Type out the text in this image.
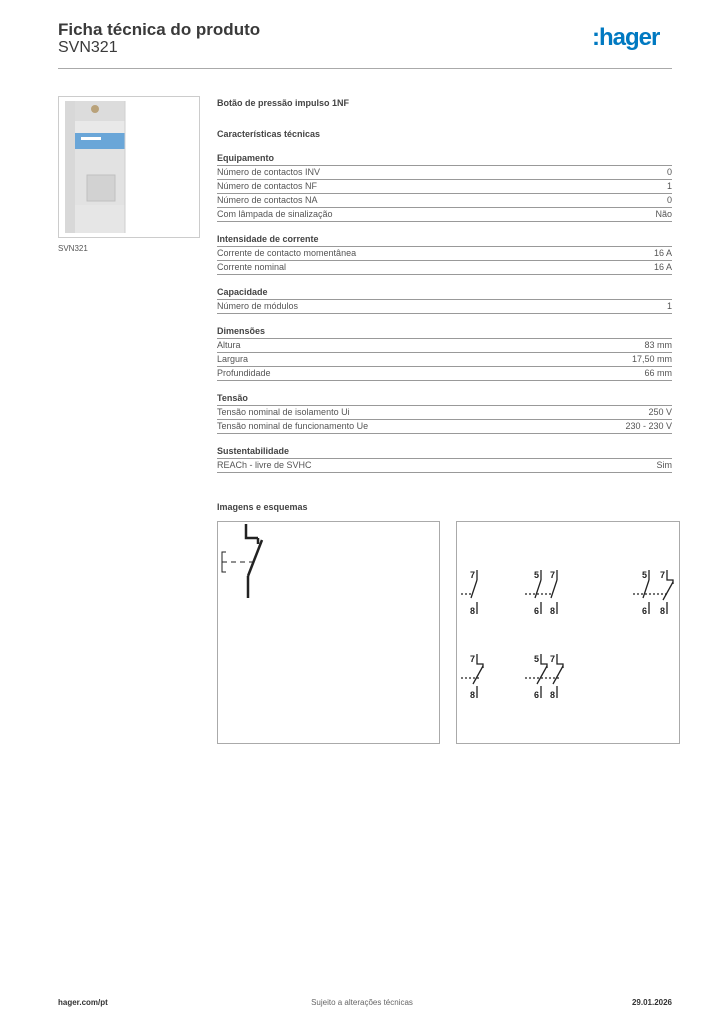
Ficha técnica do produto
SVN321	:hager
SVN321
Botão de pressão impulso 1NF
Características técnicas
Equipamento
Número de contactos INV	0
Número de contactos NF	1
Número de contactos NA	0
Com lâmpada de sinalização	Não
Intensidade de corrente
Corrente de contacto momentânea	16 A
Corrente nominal	16 A
Capacidade
Número de módulos	1
Dimensões
Altura	83 mm
Largura	17,50 mm
Profundidade	66 mm
Tensão
Tensão nominal de isolamento Ui	250 V
Tensão nominal de funcionamento Ue	230 - 230 V
Sustentabilidade
REACh - livre de SVHC	Sim
Imagens e esquemas
7
8
5 7
6 8
5 7
6 8
7
8
5 7
6 8
hager.com/pt	Sujeito a alterações técnicas	29.01.2026
